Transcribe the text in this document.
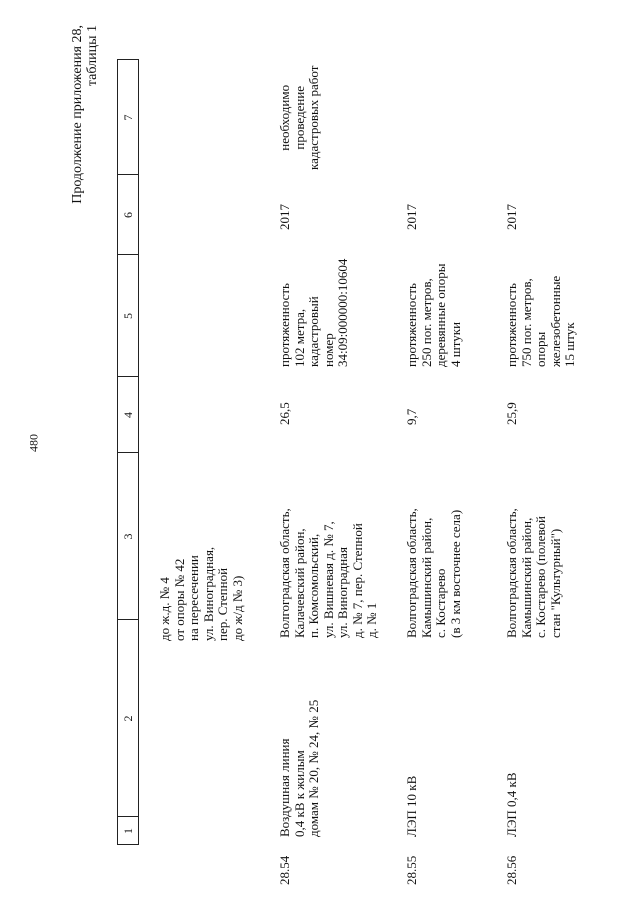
480
Продолжение приложения 28, таблицы 1
1
2
3
4
5
6
7
до ж.д. № 4 от опоры № 42 на пересечении ул. Виноградная, пер. Степной до ж/д № 3)
28.54
Воздушная линия 0,4 кВ к жилым домам № 20, № 24, № 25
Волгоградская область, Калачевский район, п. Комсомольский, ул. Вишневая д. № 7, ул. Виноградная д. № 7, пер. Степной д. № 1
26,5
протяженность 102 метра, кадастровый номер 34:09:000000:10604
2017
необходимо проведение кадастровых работ
28.55
ЛЭП 10 кВ
Волгоградская область, Камышинский район, с. Костарево (в 3 км восточнее села)
9,7
протяженность 250 пог. метров, деревянные опоры 4 штуки
2017
28.56
ЛЭП 0,4 кВ
Волгоградская область, Камышинский район, с. Костарево (полевой стан "Культурный")
25,9
протяженность 750 пог. метров, опоры железобетонные 15 штук
2017
